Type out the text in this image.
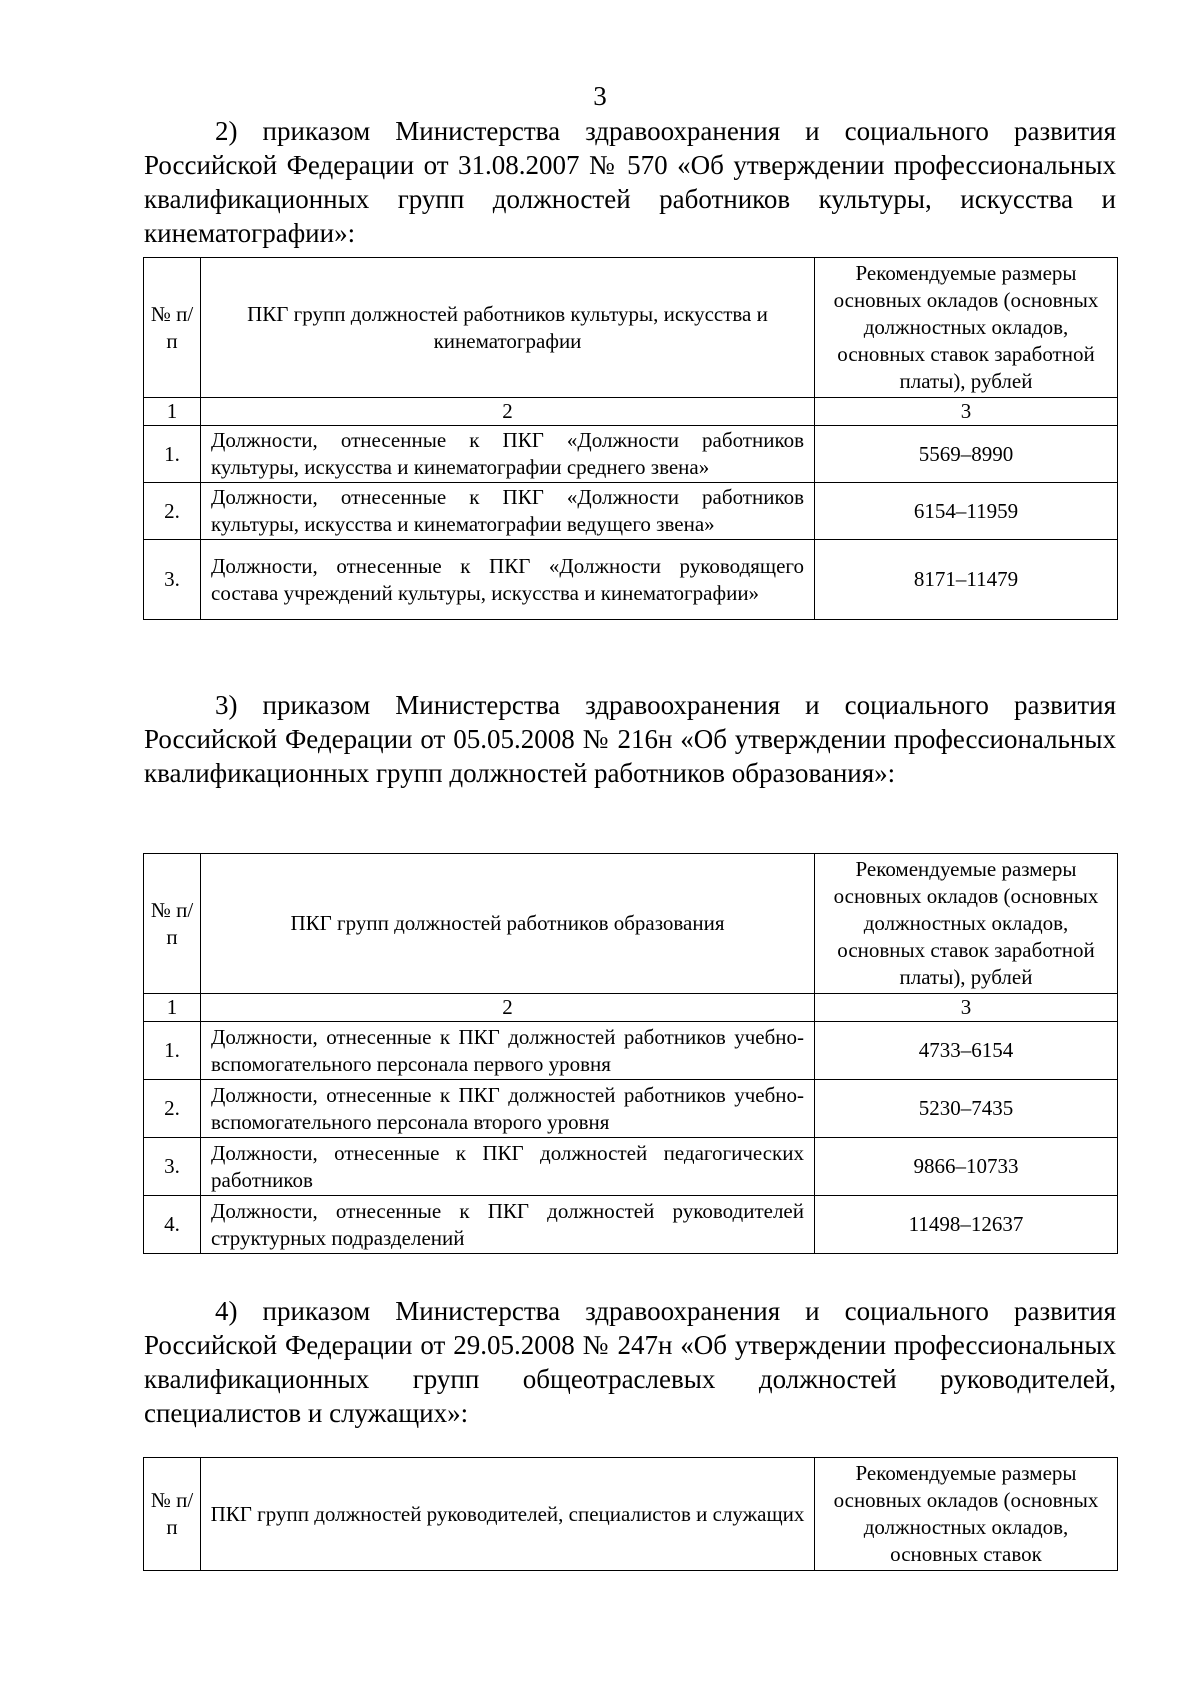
3

2) приказом Министерства здравоохранения и социального развития Российской Федерации от 31.08.2007 № 570 «Об утверждении профессиональных квалификационных групп должностей работников культуры, искусства и кинематографии»:

№ п/п	ПКГ групп должностей работников культуры, искусства и кинематографии	Рекомендуемые размеры основных окладов (основных должностных окладов, основных ставок заработной платы), рублей
1	2	3
1.	Должности, отнесенные к ПКГ «Должности работников культуры, искусства и кинематографии среднего звена»	5569–8990
2.	Должности, отнесенные к ПКГ «Должности работников культуры, искусства и кинематографии ведущего звена»	6154–11959
3.	Должности, отнесенные к ПКГ «Должности руководящего состава учреждений культуры, искусства и кинематографии»	8171–11479

3) приказом Министерства здравоохранения и социального развития Российской Федерации от 05.05.2008 № 216н «Об утверждении профессиональных квалификационных групп должностей работников образования»:

№ п/п	ПКГ групп должностей работников образования	Рекомендуемые размеры основных окладов (основных должностных окладов, основных ставок заработной платы), рублей
1	2	3
1.	Должности, отнесенные к ПКГ должностей работников учебно-вспомогательного персонала первого уровня	4733–6154
2.	Должности, отнесенные к ПКГ должностей работников учебно-вспомогательного персонала второго уровня	5230–7435
3.	Должности, отнесенные к ПКГ должностей педагогических работников	9866–10733
4.	Должности, отнесенные к ПКГ должностей руководителей структурных подразделений	11498–12637

4) приказом Министерства здравоохранения и социального развития Российской Федерации от 29.05.2008 № 247н «Об утверждении профессиональных квалификационных групп общеотраслевых должностей руководителей, специалистов и служащих»:

№ п/п	ПКГ групп должностей руководителей, специалистов и служащих	Рекомендуемые размеры основных окладов (основных должностных окладов, основных ставок
